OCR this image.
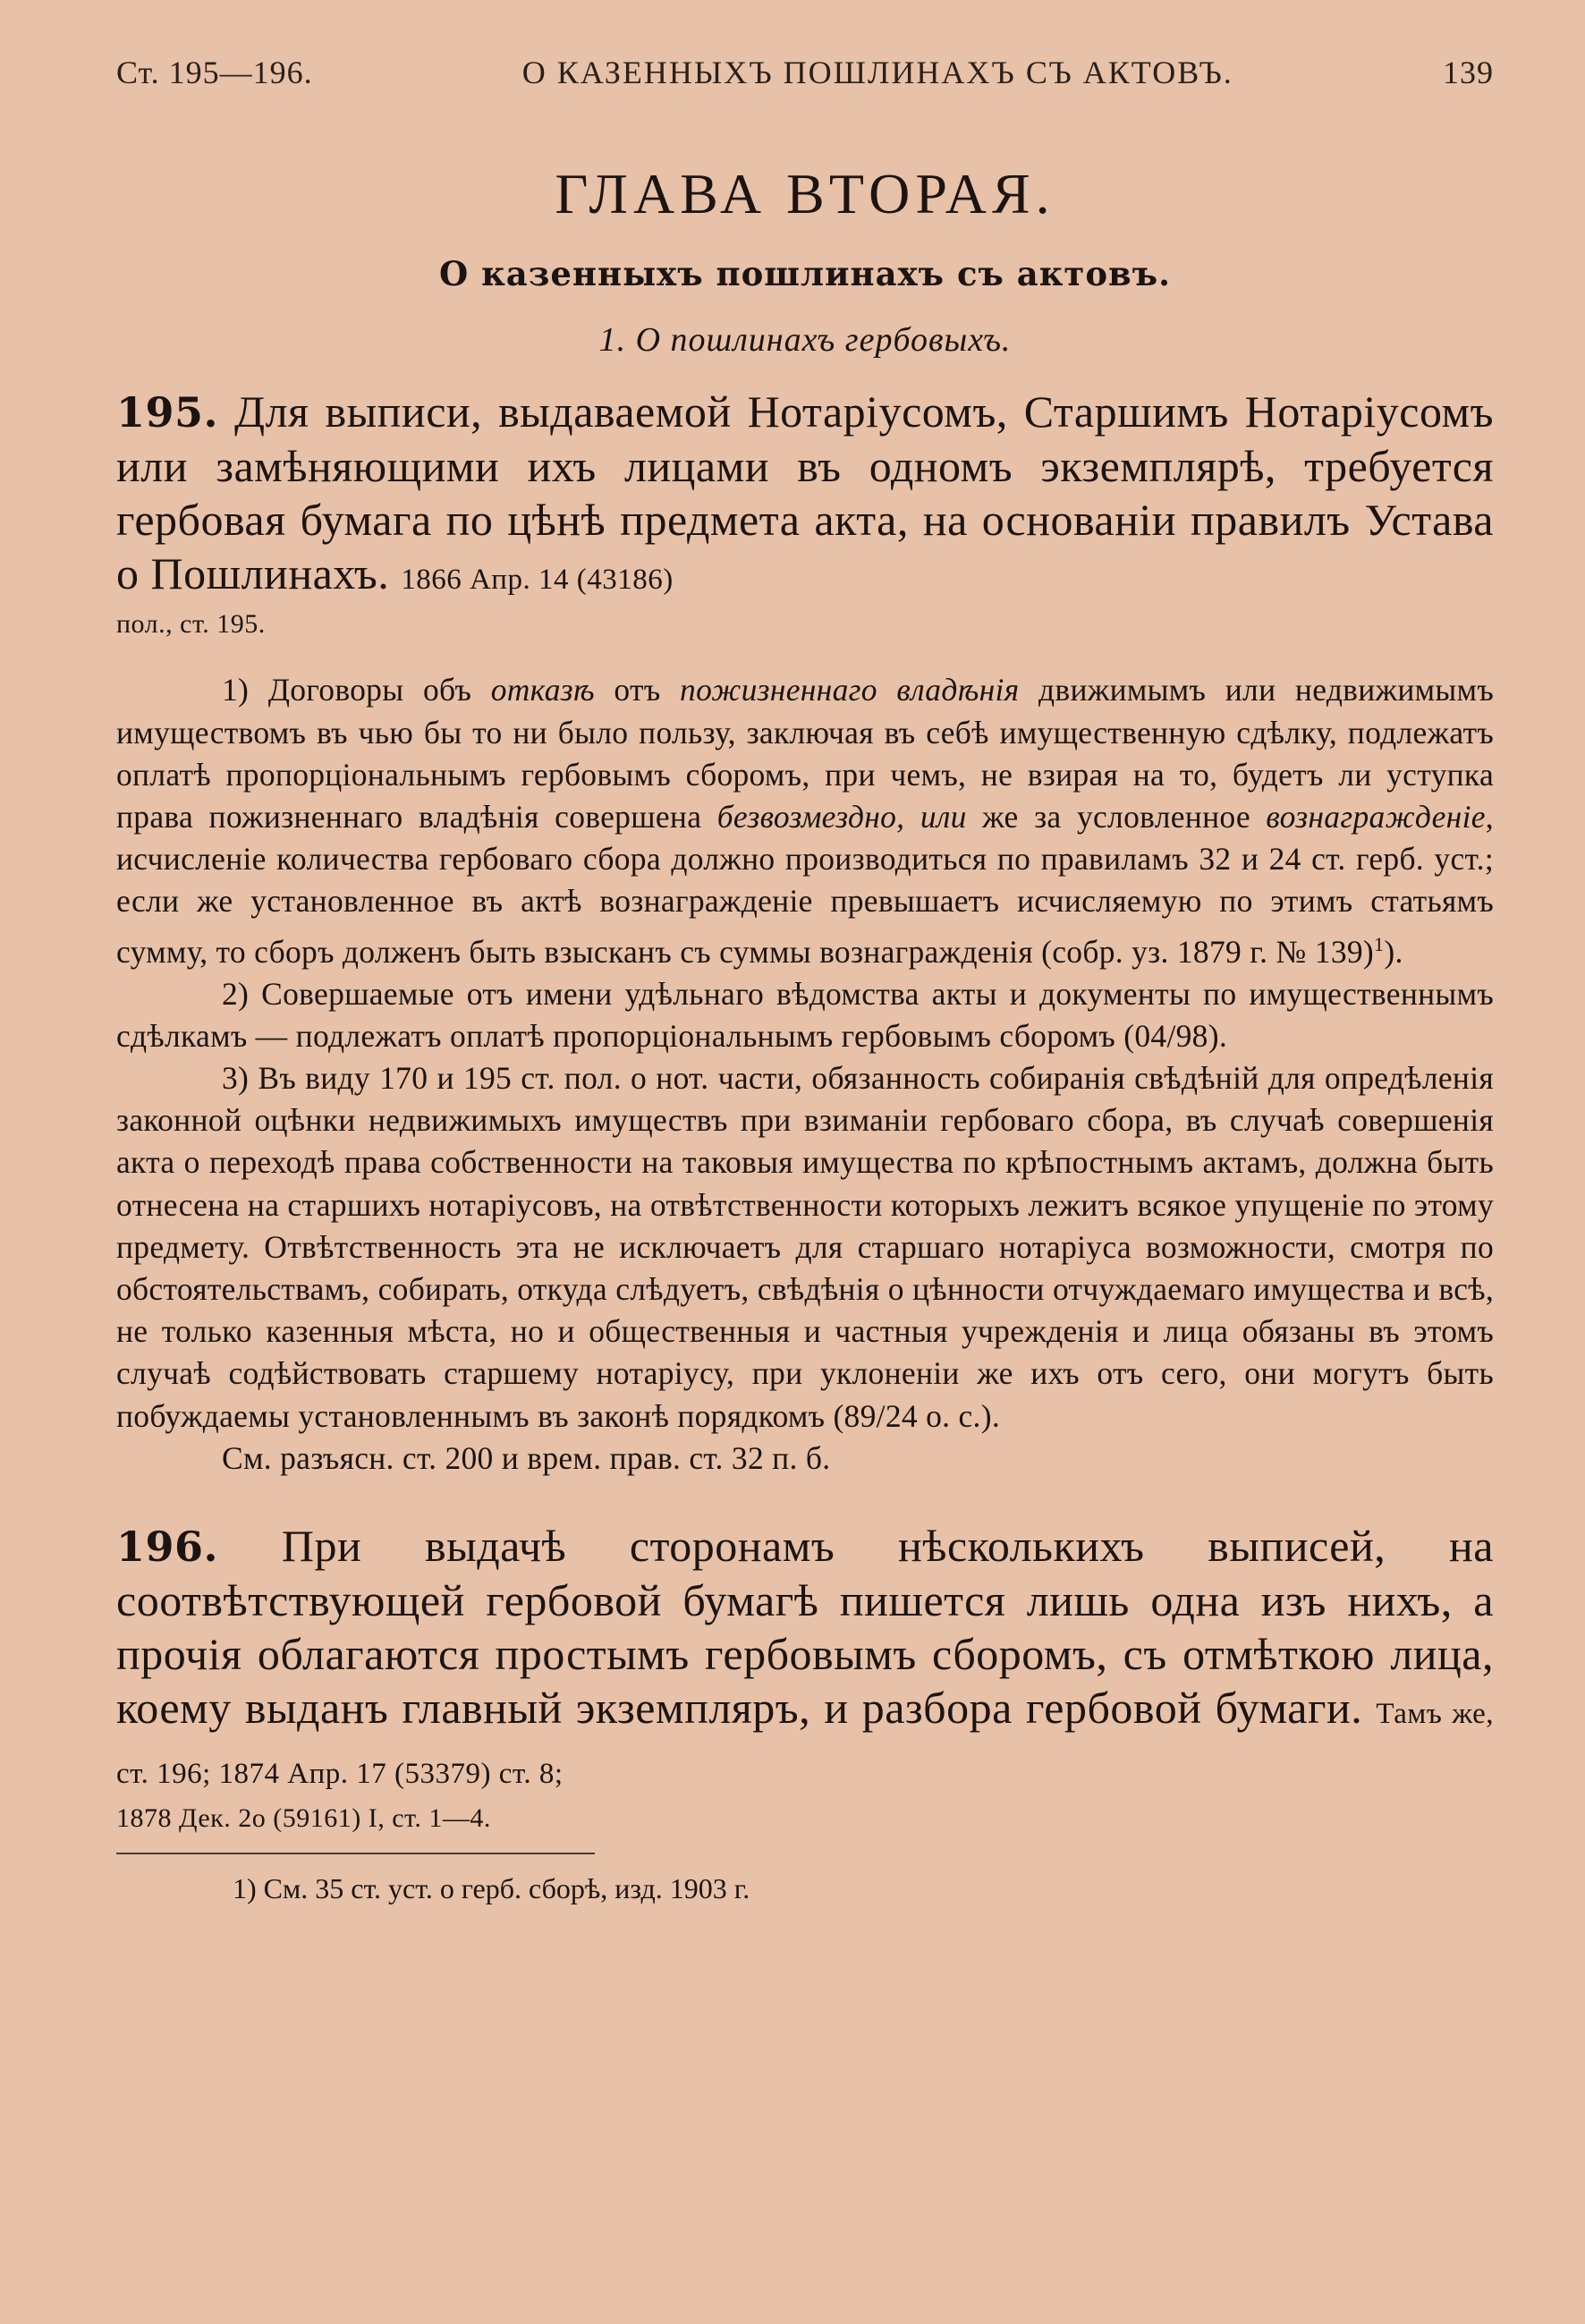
Ст. 195—196.	О КАЗЕННЫХЪ ПОШЛИНАХЪ СЪ АКТОВЪ.	139
ГЛАВА ВТОРАЯ.
О казенныхъ пошлинахъ съ актовъ.
1. О пошлинахъ гербовыхъ.
195. Для выписи, выдаваемой Нотаріусомъ, Старшимъ Нотаріусомъ или замѣняющими ихъ лицами въ одномъ экземплярѣ, требуется гербовая бумага по цѣнѣ предмета акта, на основаніи правилъ Устава о Пошлинахъ. 1866 Апр. 14 (43186)
пол., ст. 195.

1) Договоры объ отказѣ отъ пожизненнаго владѣнія движимымъ или недвижимымъ имуществомъ въ чью бы то ни было пользу, заключая въ себѣ имущественную сдѣлку, подлежатъ оплатѣ пропорціональнымъ гербовымъ сборомъ, при чемъ, не взирая на то, будетъ ли уступка права пожизненнаго владѣнія совершена безвозмездно, или же за условленное вознагражденіе, исчисленіе количества гербоваго сбора должно производиться по правиламъ 32 и 24 ст. герб. уст.; если же установленное въ актѣ вознагражденіе превышаетъ исчисляемую по этимъ статьямъ сумму, то сборъ долженъ быть взысканъ съ суммы вознагражденія (собр. уз. 1879 г. № 139)$^1$).

2) Совершаемые отъ имени удѣльнаго вѣдомства акты и документы по имущественнымъ сдѣлкамъ — подлежатъ оплатѣ пропорціональнымъ гербовымъ сборомъ (04/98).

3) Въ виду 170 и 195 ст. пол. о нот. части, обязанность собиранія свѣдѣній для опредѣленія законной оцѣнки недвижимыхъ имуществъ при взиманіи гербоваго сбора, въ случаѣ совершенія акта о переходѣ права собственности на таковыя имущества по крѣпостнымъ актамъ, должна быть отнесена на старшихъ нотаріусовъ, на отвѣтственности которыхъ лежитъ всякое упущеніе по этому предмету. Отвѣтственность эта не исключаетъ для старшаго нотаріуса возможности, смотря по обстоятельствамъ, собирать, откуда слѣдуетъ, свѣдѣнія о цѣнности отчуждаемаго имущества и всѣ, не только казенныя мѣста, но и общественныя и частныя учрежденія и лица обязаны въ этомъ случаѣ содѣйствовать старшему нотаріусу, при уклоненіи же ихъ отъ сего, они могутъ быть побуждаемы установленнымъ въ законѣ порядкомъ (89/24 о. с.).

См. разъясн. ст. 200 и врем. прав. ст. 32 п. б.

196. При выдачѣ сторонамъ нѣсколькихъ выписей, на соотвѣтствующей гербовой бумагѣ пишется лишь одна изъ нихъ, а прочія облагаются простымъ гербовымъ сборомъ, съ отмѣткою лица, коему выданъ главный экземпляръ, и разбора гербовой бумаги. Тамъ же, ст. 196; 1874 Апр. 17 (53379) ст. 8;
1878 Дек. 2о (59161) I, ст. 1—4.
1) См. 35 ст. уст. о герб. сборѣ, изд. 1903 г.
